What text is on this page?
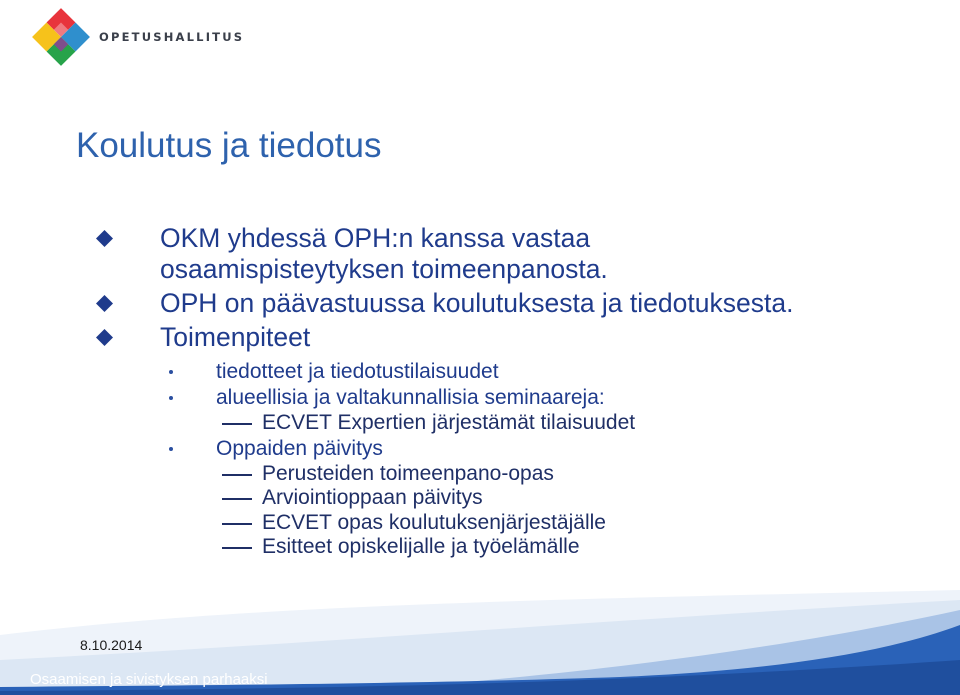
OPETUSHALLITUS
Koulutus ja tiedotus
OKM yhdessä OPH:n kanssa vastaa osaamispisteytyksen toimeenpanosta.
OPH on päävastuussa koulutuksesta ja tiedotuksesta.
Toimenpiteet
tiedotteet ja tiedotustilaisuudet
alueellisia ja valtakunnallisia seminaareja:
ECVET Expertien järjestämät tilaisuudet
Oppaiden päivitys
Perusteiden toimeenpano-opas
Arviointioppaan päivitys
ECVET opas koulutuksenjärjestäjälle
Esitteet opiskelijalle ja työelämälle
8.10.2014
Osaamisen ja sivistyksen parhaaksi
